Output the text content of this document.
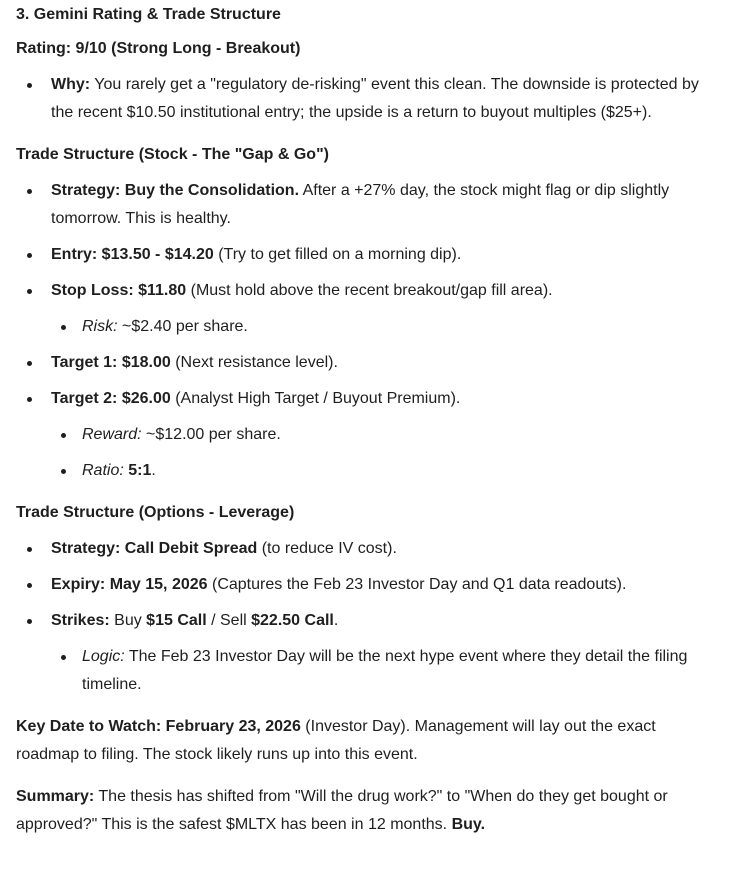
3. Gemini Rating & Trade Structure
Rating: 9/10 (Strong Long - Breakout)
Why: You rarely get a "regulatory de-risking" event this clean. The downside is protected by the recent $10.50 institutional entry; the upside is a return to buyout multiples ($25+).
Trade Structure (Stock - The "Gap & Go")
Strategy: Buy the Consolidation. After a +27% day, the stock might flag or dip slightly tomorrow. This is healthy.
Entry: $13.50 - $14.20 (Try to get filled on a morning dip).
Stop Loss: $11.80 (Must hold above the recent breakout/gap fill area).
Risk: ~$2.40 per share.
Target 1: $18.00 (Next resistance level).
Target 2: $26.00 (Analyst High Target / Buyout Premium).
Reward: ~$12.00 per share.
Ratio: 5:1.
Trade Structure (Options - Leverage)
Strategy: Call Debit Spread (to reduce IV cost).
Expiry: May 15, 2026 (Captures the Feb 23 Investor Day and Q1 data readouts).
Strikes: Buy $15 Call / Sell $22.50 Call.
Logic: The Feb 23 Investor Day will be the next hype event where they detail the filing timeline.

Key Date to Watch: February 23, 2026 (Investor Day). Management will lay out the exact roadmap to filing. The stock likely runs up into this event.

Summary: The thesis has shifted from "Will the drug work?" to "When do they get bought or approved?" This is the safest $MLTX has been in 12 months. Buy.
